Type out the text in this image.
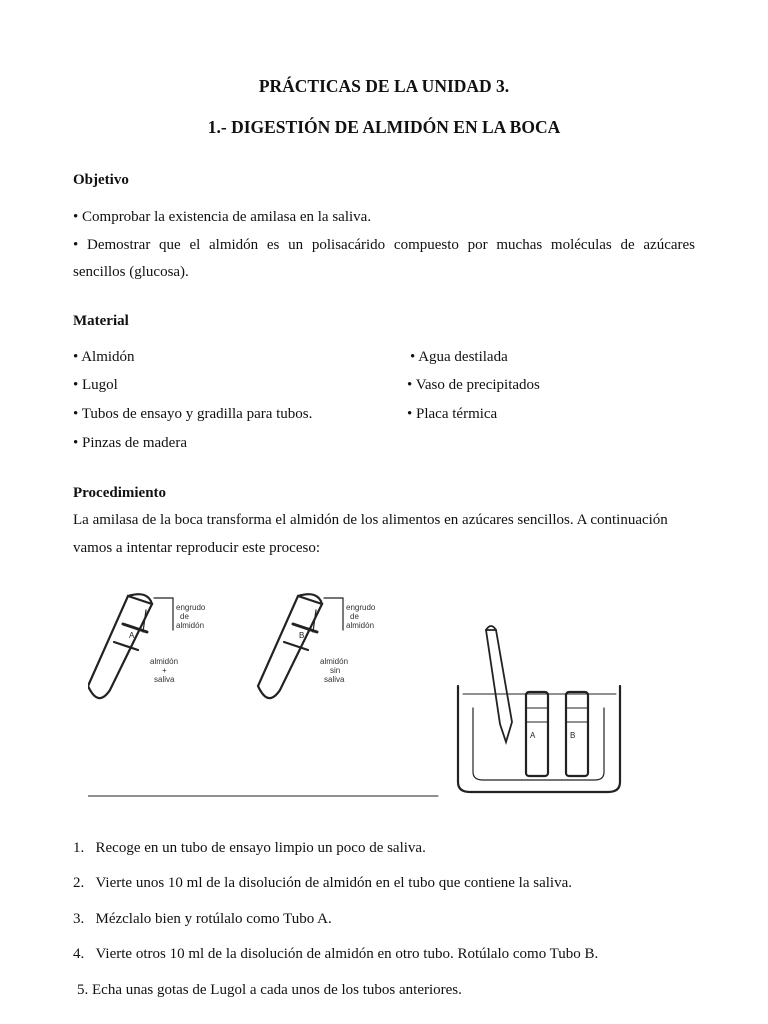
PRÁCTICAS DE LA UNIDAD 3.
1.- DIGESTIÓN DE ALMIDÓN EN LA BOCA
Objetivo
• Comprobar la existencia de amilasa en la saliva.
• Demostrar que el almidón es un polisacárido compuesto por muchas moléculas de azúcares
sencillos (glucosa).
Material
• Almidón
• Lugol
• Tubos de ensayo y gradilla para tubos.
• Pinzas de madera
• Agua destilada
• Vaso de precipitados
• Placa térmica
Procedimiento
La amilasa de la boca transforma el almidón de los alimentos en azúcares sencillos. A continuación
vamos a intentar reproducir este proceso:
A	B
engrudo
de
almidón
engrudo
de
almidón
almidón
+
saliva
almidón
sin
saliva
A	B
1. Recoge en un tubo de ensayo limpio un poco de saliva.
2. Vierte unos 10 ml de la disolución de almidón en el tubo que contiene la saliva.
3. Mézclalo bien y rotúlalo como Tubo A.
4. Vierte otros 10 ml de la disolución de almidón en otro tubo. Rotúlalo como Tubo B.
5. Echa unas gotas de Lugol a cada unos de los tubos anteriores.
